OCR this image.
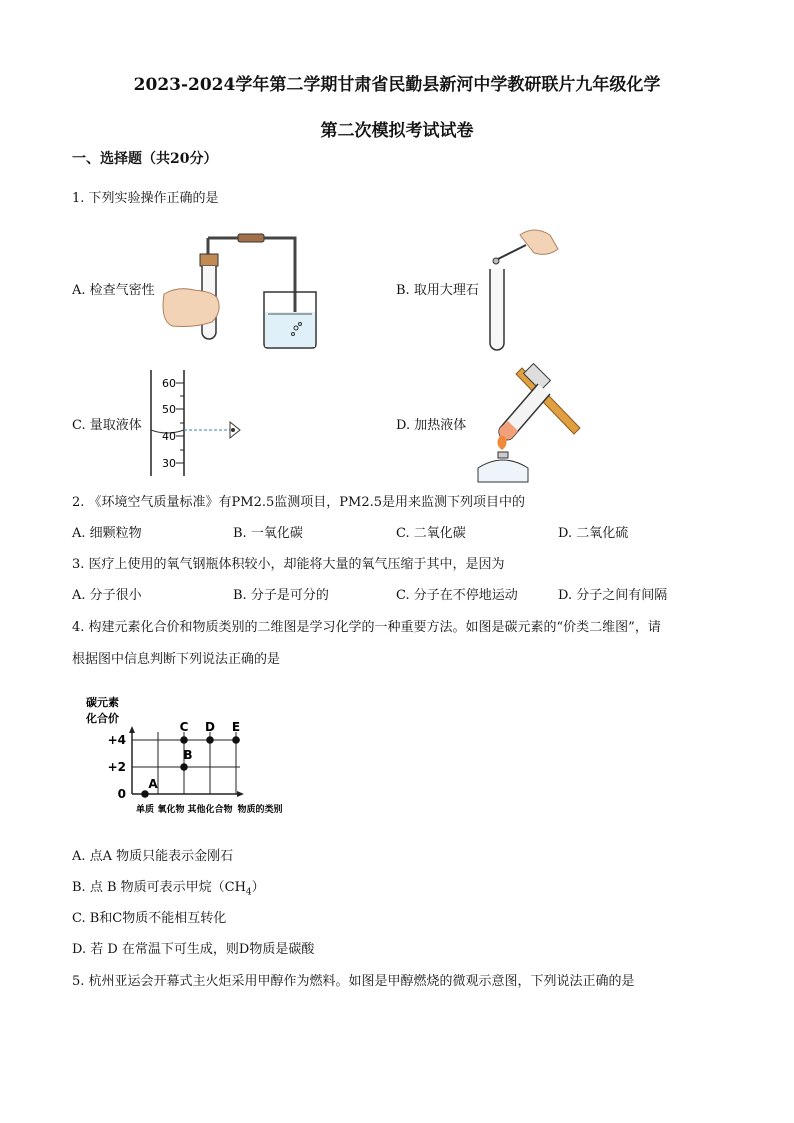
2023-2024学年第二学期甘肃省民勤县新河中学教研联片九年级化学
第二次模拟考试试卷
一、选择题（共20分）
1. 下列实验操作正确的是
A. 检查气密性	B. 取用大理石
C. 量取液体	D. 加热液体
60
50
40
30
2. 《环境空气质量标准》有PM2.5监测项目，PM2.5是用来监测下列项目中的
A. 细颗粒物	B. 一氧化碳	C. 二氧化碳	D. 二氧化硫
3. 医疗上使用的氧气钢瓶体积较小，却能将大量的氧气压缩于其中，是因为
A. 分子很小	B. 分子是可分的	C. 分子在不停地运动	D. 分子之间有间隔
4. 构建元素化合价和物质类别的二维图是学习化学的一种重要方法。如图是碳元素的“价类二维图”，请
根据图中信息判断下列说法正确的是
碳元素
化合价
+4
+2
0
单质 氧化物 其他化合物 物质的类别
A
B
C D E
A. 点A 物质只能表示金刚石
B. 点 B 物质可表示甲烷$(CH_4)$
C. B和C物质不能相互转化
D. 若 D 在常温下可生成，则D物质是碳酸
5. 杭州亚运会开幕式主火炬采用甲醇作为燃料。如图是甲醇燃烧的微观示意图，下列说法正确的是
